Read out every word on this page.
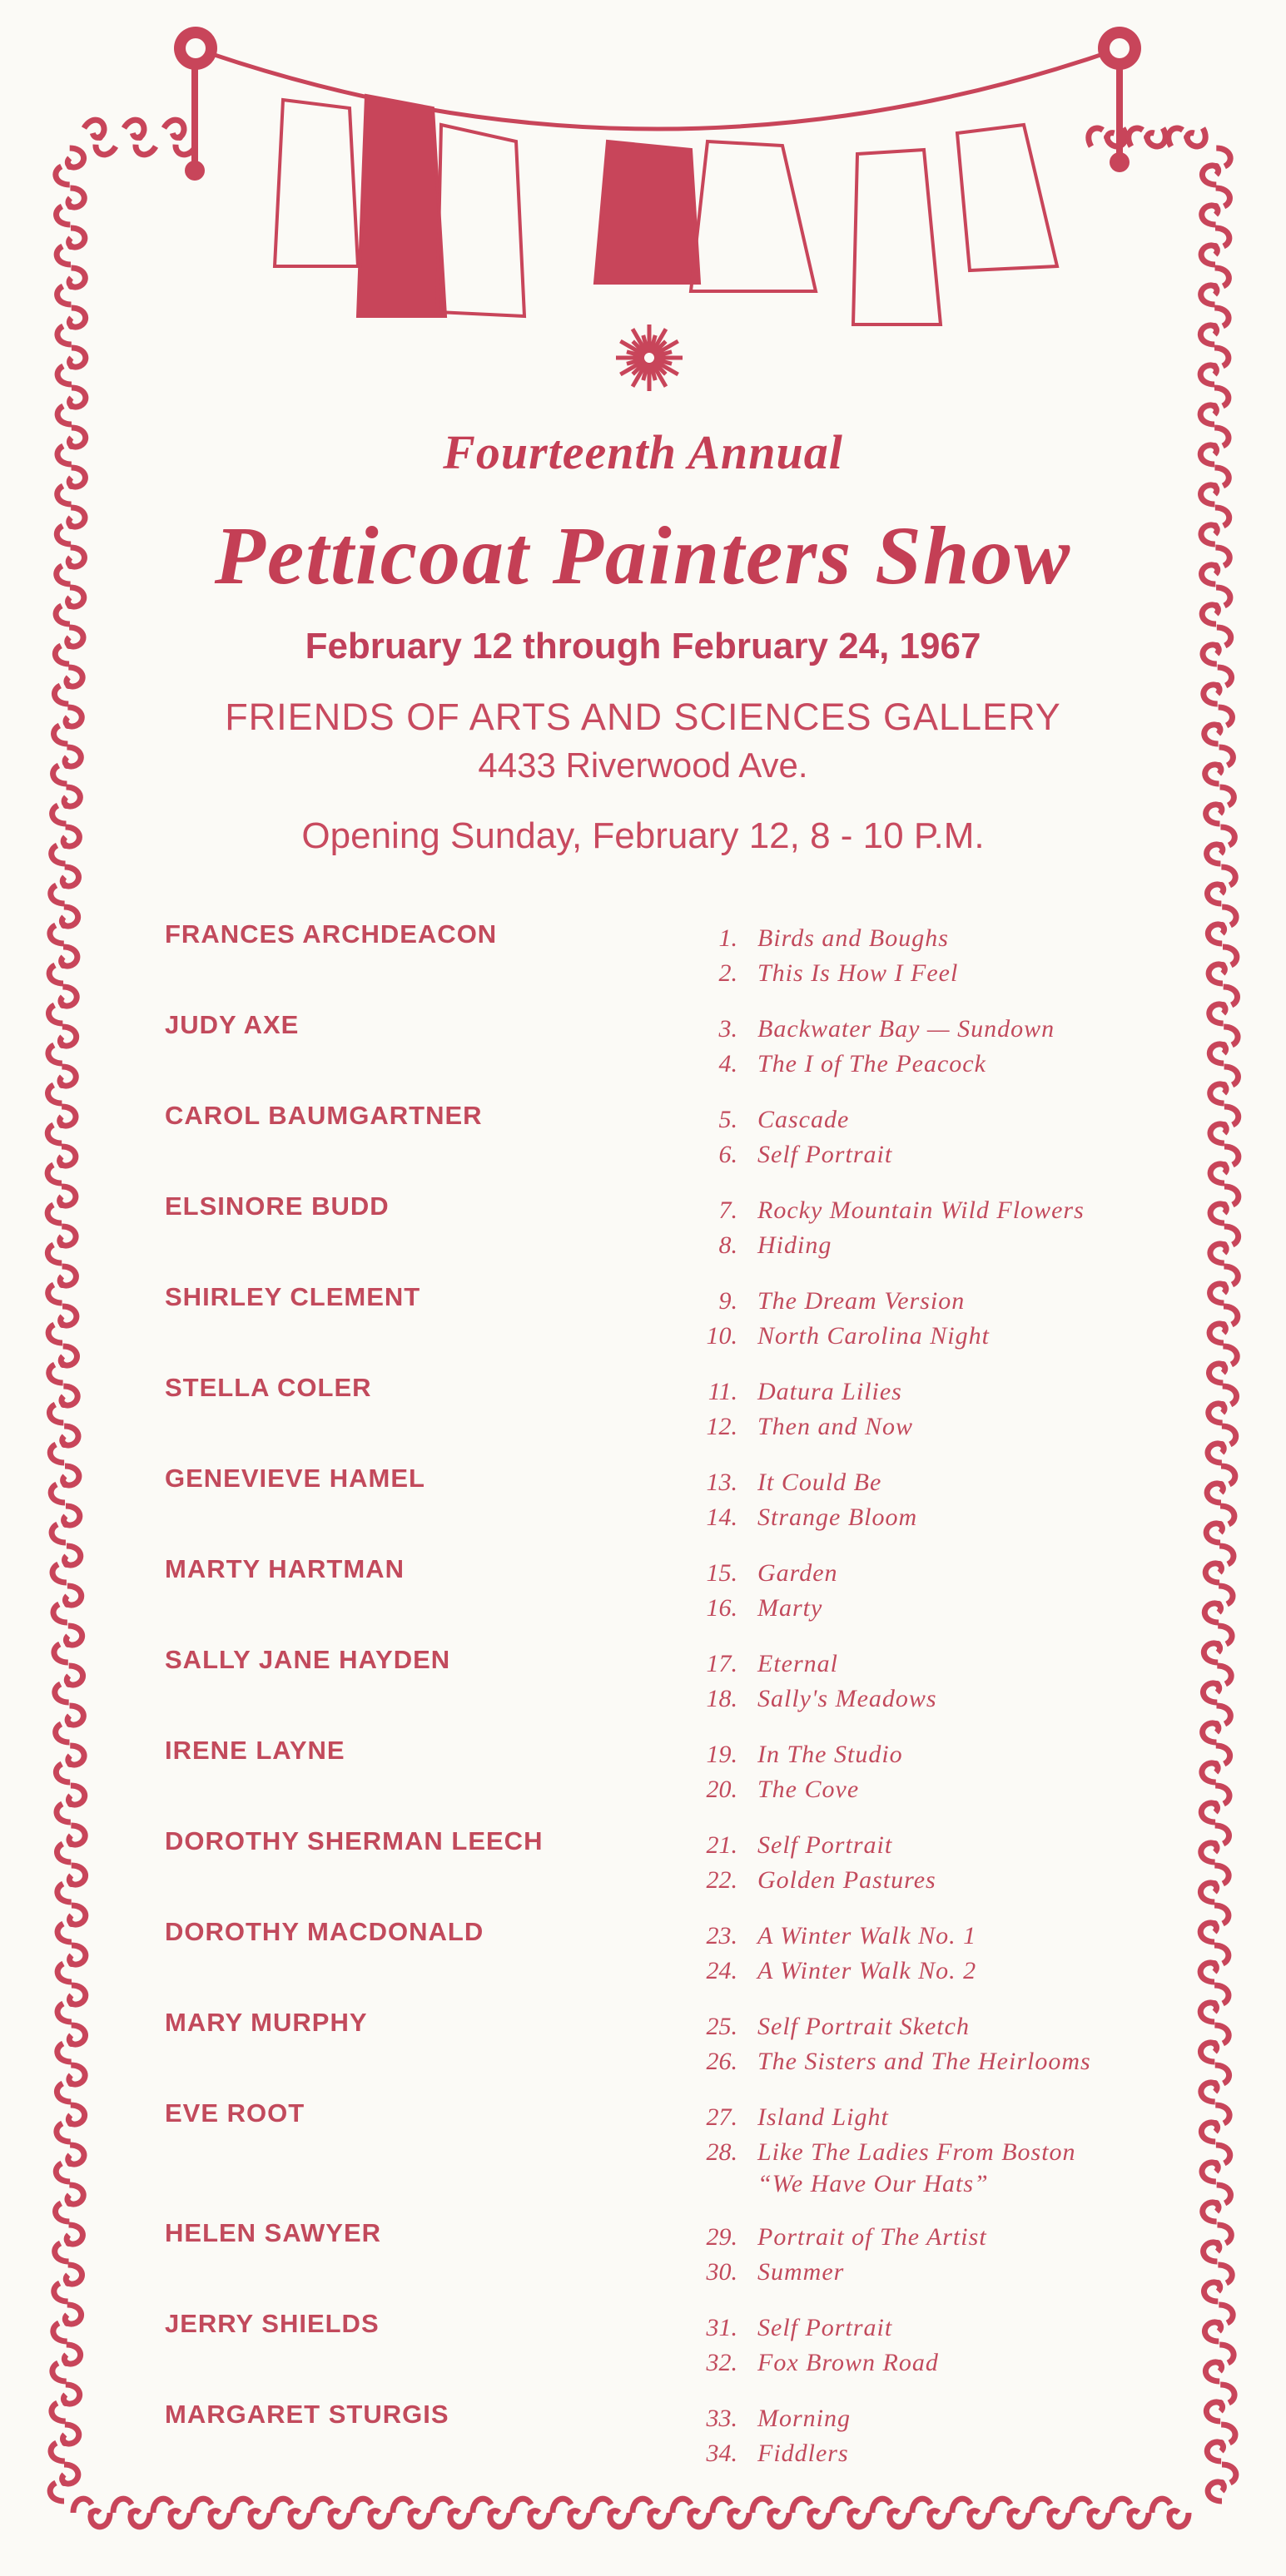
Fourteenth Annual
Petticoat Painters Show
February 12 through February 24, 1967
FRIENDS OF ARTS AND SCIENCES GALLERY
4433 Riverwood Ave.
Opening Sunday, February 12, 8 - 10 P.M.
FRANCES ARCHDEACON	1. Birds and Boughs
2. This Is How I Feel
JUDY AXE	3. Backwater Bay — Sundown
4. The I of The Peacock
CAROL BAUMGARTNER	5. Cascade
6. Self Portrait
ELSINORE BUDD	7. Rocky Mountain Wild Flowers
8. Hiding
SHIRLEY CLEMENT	9. The Dream Version
10. North Carolina Night
STELLA COLER	11. Datura Lilies
12. Then and Now
GENEVIEVE HAMEL	13. It Could Be
14. Strange Bloom
MARTY HARTMAN	15. Garden
16. Marty
SALLY JANE HAYDEN	17. Eternal
18. Sally's Meadows
IRENE LAYNE	19. In The Studio
20. The Cove
DOROTHY SHERMAN LEECH	21. Self Portrait
22. Golden Pastures
DOROTHY MACDONALD	23. A Winter Walk No. 1
24. A Winter Walk No. 2
MARY MURPHY	25. Self Portrait Sketch
26. The Sisters and The Heirlooms
EVE ROOT	27. Island Light
28. Like The Ladies From Boston
“We Have Our Hats”
HELEN SAWYER	29. Portrait of The Artist
30. Summer
JERRY SHIELDS	31. Self Portrait
32. Fox Brown Road
MARGARET STURGIS	33. Morning
34. Fiddlers
